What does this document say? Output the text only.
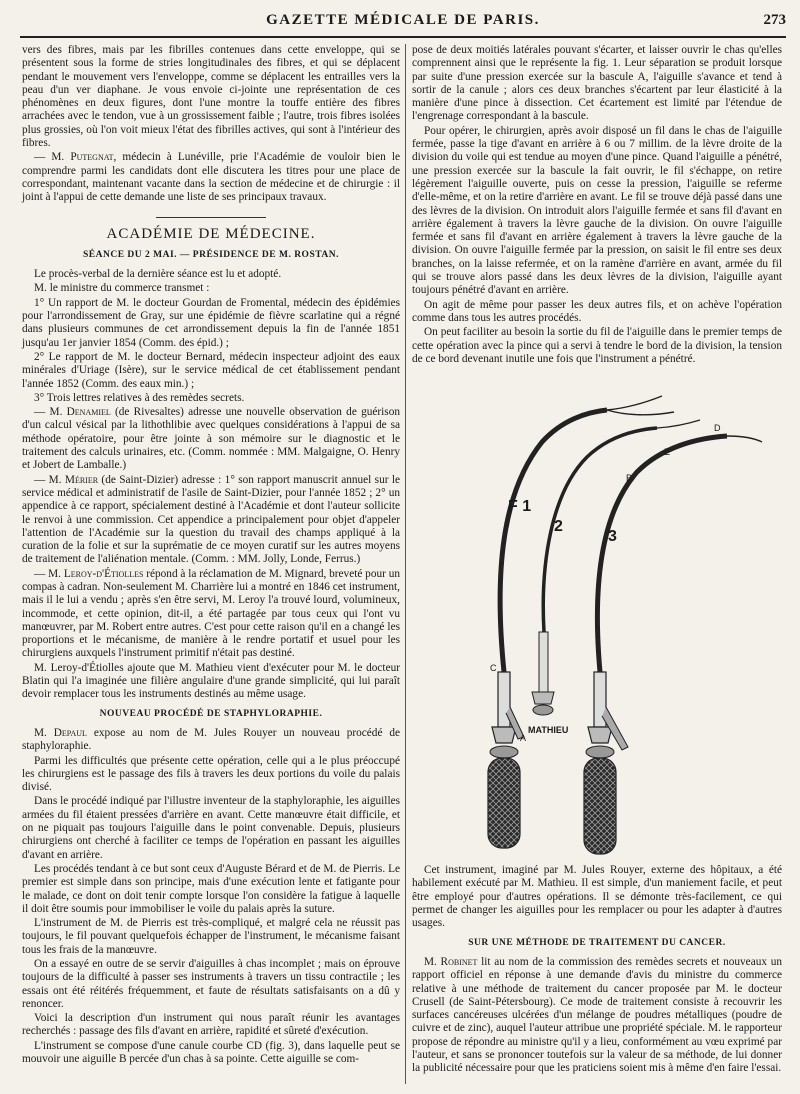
GAZETTE MÉDICALE DE PARIS.	273

vers des fibres, mais par les fibrilles contenues dans cette enveloppe, qui se présentent sous la forme de stries longitudinales des fibres, et qui se déplacent pendant le mouvement vers l'enveloppe, comme se déplacent les entrailles vers la peau d'un ver diaphane. Je vous envoie ci-jointe une représentation de ces phénomènes en deux figures, dont l'une montre la touffe entière des fibres arrachées avec le tendon, vue à un grossissement faible ; l'autre, trois fibres isolées plus grossies, où l'on voit mieux l'état des fibrilles actives, qui sont à l'intérieur des fibres.

— M. Putegnat, médecin à Lunéville, prie l'Académie de vouloir bien le comprendre parmi les candidats dont elle discutera les titres pour une place de correspondant, maintenant vacante dans la section de médecine et de chirurgie : il joint à l'appui de cette demande une liste de ses principaux travaux.

ACADÉMIE DE MÉDECINE.
SÉANCE DU 2 MAI. — PRÉSIDENCE DE M. ROSTAN.

Le procès-verbal de la dernière séance est lu et adopté.

M. le ministre du commerce transmet :

1° Un rapport de M. le docteur Gourdan de Fromental, médecin des épidémies pour l'arrondissement de Gray, sur une épidémie de fièvre scarlatine qui a régné dans plusieurs communes de cet arrondissement depuis la fin de l'année 1851 jusqu'au 1er janvier 1854 (Comm. des épid.) ;

2° Le rapport de M. le docteur Bernard, médecin inspecteur adjoint des eaux minérales d'Uriage (Isère), sur le service médical de cet établissement pendant l'année 1852 (Comm. des eaux min.) ;

3° Trois lettres relatives à des remèdes secrets.

— M. Denamiel (de Rivesaltes) adresse une nouvelle observation de guérison d'un calcul vésical par la lithothlibie avec quelques considérations à l'appui de sa méthode opératoire, pour être jointe à son mémoire sur le diagnostic et le traitement des calculs urinaires, etc. (Comm. nommée : MM. Malgaigne, O. Henry et Jobert de Lamballe.)

— M. Mérier (de Saint-Dizier) adresse : 1° son rapport manuscrit annuel sur le service médical et administratif de l'asile de Saint-Dizier, pour l'année 1852 ; 2° un appendice à ce rapport, spécialement destiné à l'Académie et dont l'auteur sollicite le renvoi à une commission. Cet appendice a principalement pour objet d'appeler l'attention de l'Académie sur la question du travail des champs appliqué à la curation de la folie et sur la suprématie de ce moyen curatif sur les autres moyens de traitement de l'aliénation mentale. (Comm. : MM. Jolly, Londe, Ferrus.)

— M. Leroy-d'Étiolles répond à la réclamation de M. Mignard, breveté pour un compas à cadran. Non-seulement M. Charrière lui a montré en 1846 cet instrument, mais il le lui a vendu ; après s'en être servi, M. Leroy l'a trouvé lourd, volumineux, incommode, et cette opinion, dit-il, a été partagée par tous ceux qui l'ont vu manœuvrer, par M. Robert entre autres. C'est pour cette raison qu'il en a changé les proportions et le mécanisme, de manière à le rendre portatif et usuel pour les chirurgiens auxquels l'instrument primitif n'était pas destiné.

M. Leroy-d'Étiolles ajoute que M. Mathieu vient d'exécuter pour M. le docteur Blatin qui l'a imaginée une filière angulaire d'une grande simplicité, qui lui paraît devoir remplacer tous les instruments destinés au même usage.

NOUVEAU PROCÉDÉ DE STAPHYLORAPHIE.

M. Depaul expose au nom de M. Jules Rouyer un nouveau procédé de staphyloraphie.

Parmi les difficultés que présente cette opération, celle qui a le plus préoccupé les chirurgiens est le passage des fils à travers les deux portions du voile du palais divisé.

Dans le procédé indiqué par l'illustre inventeur de la staphyloraphie, les aiguilles armées du fil étaient pressées d'arrière en avant. Cette manœuvre était difficile, et on ne piquait pas toujours l'aiguille dans le point convenable. Depuis, plusieurs chirurgiens ont cherché à faciliter ce temps de l'opération en passant les aiguilles d'avant en arrière.

Les procédés tendant à ce but sont ceux d'Auguste Bérard et de M. de Pierris. Le premier est simple dans son principe, mais d'une exécution lente et fatigante pour le malade, ce dont on doit tenir compte lorsque l'on considère la fatigue à laquelle il doit être soumis pour immobiliser le voile du palais après la suture.

L'instrument de M. de Pierris est très-compliqué, et malgré cela ne réussit pas toujours, le fil pouvant quelquefois échapper de l'instrument, le mécanisme faisant tous les frais de la manœuvre.

On a essayé en outre de se servir d'aiguilles à chas incomplet ; mais on éprouve toujours de la difficulté à passer ses instruments à travers un tissu contractile ; les essais ont été réitérés fréquemment, et faute de résultats satisfaisants on a dû y renoncer.

Voici la description d'un instrument qui nous paraît réunir les avantages recherchés : passage des fils d'avant en arrière, rapidité et sûreté d'exécution.

L'instrument se compose d'une canule courbe CD (fig. 3), dans laquelle peut se mouvoir une aiguille B percée d'un chas à sa pointe. Cette aiguille se com-

pose de deux moitiés latérales pouvant s'écarter, et laisser ouvrir le chas qu'elles comprennent ainsi que le représente la fig. 1. Leur séparation se produit lorsque par suite d'une pression exercée sur la bascule A, l'aiguille s'avance et tend à sortir de la canule ; alors ces deux branches s'écartent par leur élasticité à la manière d'une pince à dissection. Cet écartement est limité par l'étendue de l'engrenage correspondant à la bascule.

Pour opérer, le chirurgien, après avoir disposé un fil dans le chas de l'aiguille fermée, passe la tige d'avant en arrière à 6 ou 7 millim. de la lèvre droite de la division du voile qui est tendue au moyen d'une pince. Quand l'aiguille a pénétré, une pression exercée sur la bascule la fait ouvrir, le fil s'échappe, on retire légèrement l'aiguille ouverte, puis on cesse la pression, l'aiguille se referme d'elle-même, et on la retire d'arrière en avant. Le fil se trouve déjà passé dans une des lèvres de la division. On introduit alors l'aiguille fermée et sans fil d'avant en arrière également à travers la lèvre gauche de la division. On ouvre l'aiguille fermée et sans fil d'avant en arrière également à travers la lèvre gauche de la division. On ouvre l'aiguille fermée par la pression, on saisit le fil entre ses deux branches, on la laisse refermée, et on la ramène d'arrière en avant, armée du fil qui se trouve alors passé dans les deux lèvres de la division, l'aiguille ayant toujours pénétré d'avant en arrière.

On agit de même pour passer les deux autres fils, et on achève l'opération comme dans tous les autres procédés.

On peut faciliter au besoin la sortie du fil de l'aiguille dans le premier temps de cette opération avec la pince qui a servi à tendre le bord de la division, la tension de ce bord devenant inutile une fois que l'instrument a pénétré.

F 1
2
3
MATHIEU
A
B
C
D
E

Cet instrument, imaginé par M. Jules Rouyer, externe des hôpitaux, a été habilement exécuté par M. Mathieu. Il est simple, d'un maniement facile, et peut être employé pour d'autres opérations. Il se démonte très-facilement, ce qui permet de changer les aiguilles pour les remplacer ou pour les adapter à d'autres usages.

SUR UNE MÉTHODE DE TRAITEMENT DU CANCER.

M. Robinet lit au nom de la commission des remèdes secrets et nouveaux un rapport officiel en réponse à une demande d'avis du ministre du commerce relative à une méthode de traitement du cancer proposée par M. le docteur Crusell (de Saint-Pétersbourg). Ce mode de traitement consiste à recouvrir les surfaces cancéreuses ulcérées d'un mélange de poudres métalliques (poudre de cuivre et de zinc), auquel l'auteur attribue une propriété spéciale. M. le rapporteur propose de répondre au ministre qu'il y a lieu, conformément au vœu exprimé par l'auteur, et sans se prononcer toutefois sur la valeur de sa méthode, de lui donner la publicité nécessaire pour que les praticiens soient mis à même d'en faire l'essai.
